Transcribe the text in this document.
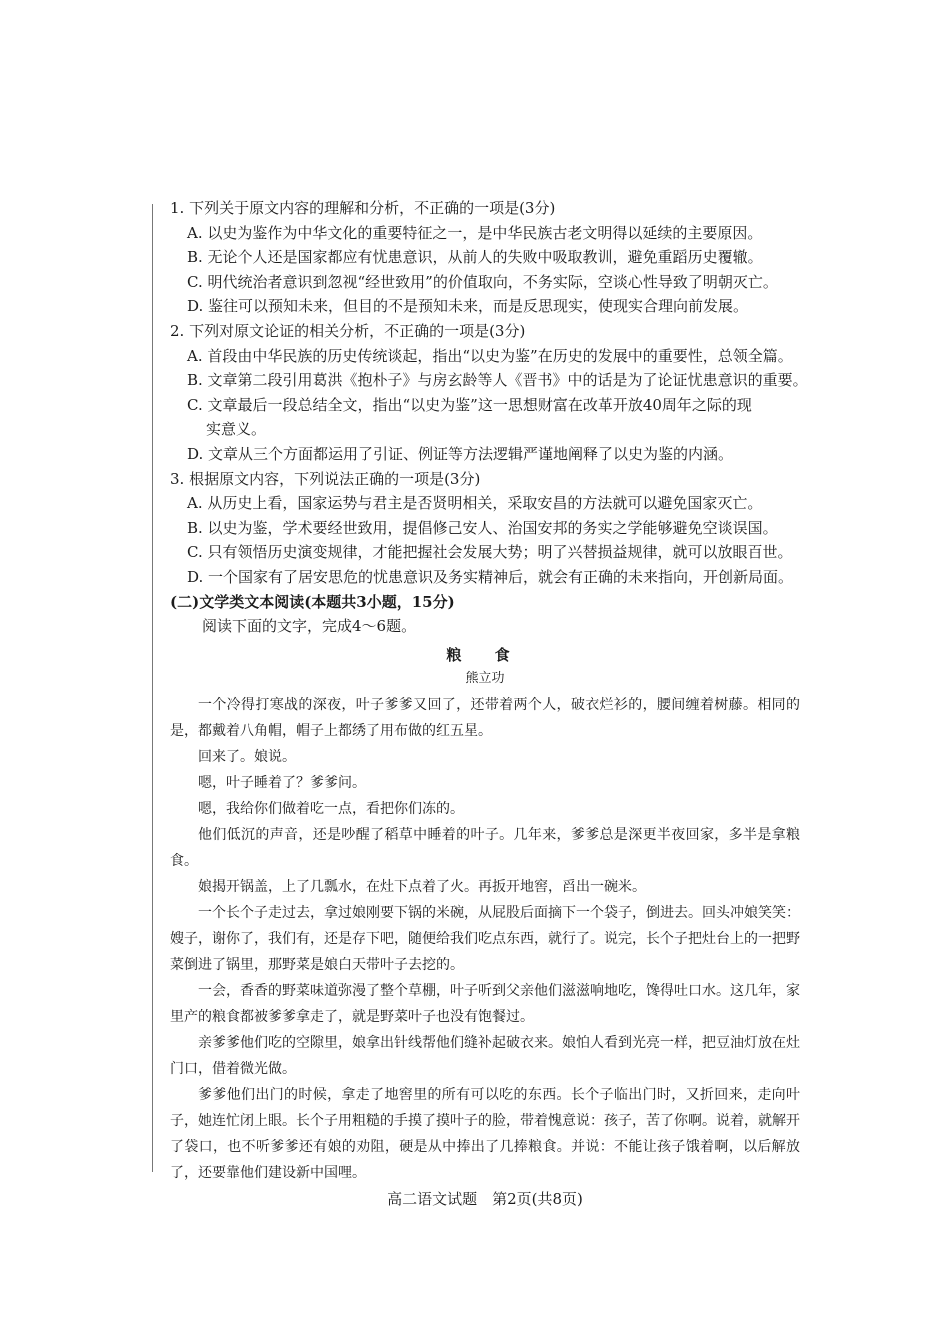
1. 下列关于原文内容的理解和分析，不正确的一项是(3分)
A. 以史为鉴作为中华文化的重要特征之一，是中华民族古老文明得以延续的主要原因。
B. 无论个人还是国家都应有忧患意识，从前人的失败中吸取教训，避免重蹈历史覆辙。
C. 明代统治者意识到忽视“经世致用”的价值取向，不务实际，空谈心性导致了明朝灭亡。
D. 鉴往可以预知未来，但目的不是预知未来，而是反思现实，使现实合理向前发展。
2. 下列对原文论证的相关分析，不正确的一项是(3分)
A. 首段由中华民族的历史传统谈起，指出“以史为鉴”在历史的发展中的重要性，总领全篇。
B. 文章第二段引用葛洪《抱朴子》与房玄龄等人《晋书》中的话是为了论证忧患意识的重要。
C. 文章最后一段总结全文，指出“以史为鉴”这一思想财富在改革开放40周年之际的现
实意义。
D. 文章从三个方面都运用了引证、例证等方法逻辑严谨地阐释了以史为鉴的内涵。
3. 根据原文内容，下列说法正确的一项是(3分)
A. 从历史上看，国家运势与君主是否贤明相关，采取安昌的方法就可以避免国家灭亡。
B. 以史为鉴，学术要经世致用，提倡修己安人、治国安邦的务实之学能够避免空谈误国。
C. 只有领悟历史演变规律，才能把握社会发展大势；明了兴替损益规律，就可以放眼百世。
D. 一个国家有了居安思危的忧患意识及务实精神后，就会有正确的未来指向，开创新局面。
(二)文学类文本阅读(本题共3小题，15分)
阅读下面的文字，完成4～6题。
粮 食
熊立功
一个冷得打寒战的深夜，叶子爹爹又回了，还带着两个人，破衣烂衫的，腰间缠着树藤。相同的是，都戴着八角帽，帽子上都绣了用布做的红五星。
回来了。娘说。
嗯，叶子睡着了？爹爹问。
嗯，我给你们做着吃一点，看把你们冻的。
他们低沉的声音，还是吵醒了稻草中睡着的叶子。几年来，爹爹总是深更半夜回家，多半是拿粮食。
娘揭开锅盖，上了几瓢水，在灶下点着了火。再扳开地窖，舀出一碗米。
一个长个子走过去，拿过娘刚要下锅的米碗，从屁股后面摘下一个袋子，倒进去。回头冲娘笑笑：嫂子，谢你了，我们有，还是存下吧，随便给我们吃点东西，就行了。说完，长个子把灶台上的一把野菜倒进了锅里，那野菜是娘白天带叶子去挖的。
一会，香香的野菜味道弥漫了整个草棚，叶子听到父亲他们滋滋响地吃，馋得吐口水。这几年，家里产的粮食都被爹爹拿走了，就是野菜叶子也没有饱餐过。
亲爹爹他们吃的空隙里，娘拿出针线帮他们缝补起破衣来。娘怕人看到光亮一样，把豆油灯放在灶门口，借着微光做。
爹爹他们出门的时候，拿走了地窖里的所有可以吃的东西。长个子临出门时，又折回来，走向叶子，她连忙闭上眼。长个子用粗糙的手摸了摸叶子的脸，带着愧意说：孩子，苦了你啊。说着，就解开了袋口，也不听爹爹还有娘的劝阻，硬是从中捧出了几捧粮食。并说：不能让孩子饿着啊，以后解放了，还要靠他们建设新中国哩。
高二语文试题　第2页(共8页)
